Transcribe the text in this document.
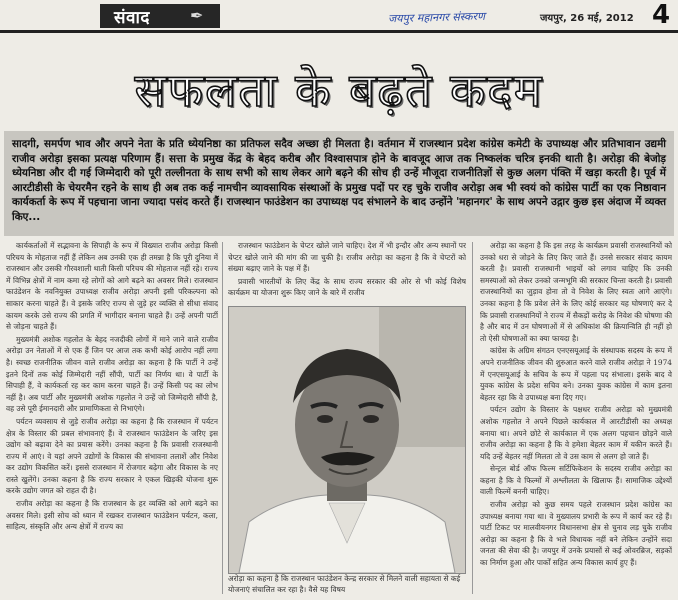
संवाद	✒	जयपुर महानगर संस्करण	जयपुर, 26 मई, 2012 4
सफलता के बढ़ते कदम
सादगी, समर्पण भाव और अपने नेता के प्रति ध्येयनिष्ठा का प्रतिफल सदैव अच्छा ही मिलता है। वर्तमान में राजस्थान प्रदेश कांग्रेस कमेटी के उपाध्यक्ष और प्रतिभावान उद्यमी राजीव अरोड़ा इसका प्रत्यक्ष परिणाम हैं। सत्ता के प्रमुख केंद्र के बेहद करीब और विश्वासपात्र होने के बावजूद आज तक निष्कलंक चरित्र इनकी थाती है। अरोड़ा की बेजोड़ ध्येयनिष्ठा और दी गई जिम्मेदारी को पूरी तल्लीनता के साथ सभी को साथ लेकर आगे बढ़ने की सोच ही उन्हें मौजूदा राजनीतिज्ञों से कुछ अलग पंक्ति में खड़ा करती है। पूर्व में आरटीडीसी के चेयरमैन रहने के साथ ही अब तक कई नामचीन व्यावसायिक संस्थाओं के प्रमुख पदों पर रह चुके राजीव अरोड़ा अब भी स्वयं को कांग्रेस पार्टी का एक निष्ठावान कार्यकर्ता के रूप में पहचाना जाना ज्यादा पसंद करते हैं। राजस्थान फाउंडेशन का उपाध्यक्ष पद संभालने के बाद उन्होंने 'महानगर' के साथ अपने उद्गार कुछ इस अंदाज में व्यक्त किए...

कार्यकर्ताओं में सद्भावना के सिपाही के रूप में विख्यात राजीव अरोड़ा किसी परिचय के मोहताज नहीं हैं लेकिन अब उनकी एक ही तमन्ना है कि पूरी दुनिया में राजस्थान और उसकी गौरवशाली थाती किसी परिचय की मोहताज नहीं रहे। राज्य में विभिन्न क्षेत्रों में नाम कमा रहे लोगों को आगे बढ़ने का अवसर मिले। राजस्थान फाउंडेशन के नवनियुक्त उपाध्यक्ष राजीव अरोड़ा अपनी इसी परिकल्पना को साकार करना चाहते हैं। वे इसके जरिए राज्य से जुड़े हर व्यक्ति से सीधा संवाद कायम करके उसे राज्य की प्रगति में भागीदार बनाना चाहते हैं। उन्हें अपनी पार्टी से जोड़ना चाहते हैं।

मुख्यमंत्री अशोक गहलोत के बेहद नजदीकी लोगों में माने जाने वाले राजीव अरोड़ा उन नेताओं में से एक हैं जिन पर आज तक कभी कोई आरोप नहीं लगा है। स्वच्छ राजनीतिक जीवन वाले राजीव अरोड़ा का कहना है कि पार्टी ने उन्हें इतने दिनों तक कोई जिम्मेदारी नहीं सौंपी, पार्टी का निर्णय था। वे पार्टी के सिपाही हैं, वे कार्यकर्ता रह कर काम करना चाहते हैं। उन्हें किसी पद का लोभ नहीं है। अब पार्टी और मुख्यमंत्री अशोक गहलोत ने उन्हें जो जिम्मेदारी सौंपी है, वह उसे पूरी ईमानदारी और प्रामाणिकता से निभाएंगे।

पर्यटन व्यवसाय से जुड़े राजीव अरोड़ा का कहना है कि राजस्थान में पर्यटन क्षेत्र के विस्तार की प्रबल संभावनाएं हैं। वे राजस्थान फाउंडेशन के जरिए इस उद्योग को बढ़ावा देने का प्रयास करेंगे। उनका कहना है कि प्रवासी राजस्थानी राज्य में आएं। वे यहां अपने उद्योगों के विकास की संभावना तलाशें और निवेश कर उद्योग विकसित करें। इससे राजस्थान में रोजगार बढ़ेगा और विकास के नए रास्ते खुलेंगे। उनका कहना है कि राज्य सरकार ने एकल खिड़की योजना शुरू करके उद्योग जगत को राहत दी है।

राजीव अरोड़ा का कहना है कि राजस्थान के हर व्यक्ति को आगे बढ़ने का अवसर मिले। इसी सोच को ध्यान में रखकर राजस्थान फाउंडेशन पर्यटन, कला, साहित्य, संस्कृति और अन्य क्षेत्रों में राज्य का

राजस्थान फाउंडेशन के चेप्टर खोले जाने चाहिए। देश में भी इन्दौर और अन्य स्थानों पर चेप्टर खोले जाने की मांग की जा चुकी है। राजीव अरोड़ा का कहना है कि वे चेप्टरों को संख्या बढ़ाए जाने के पक्ष में हैं।

प्रवासी भारतीयों के लिए केंद्र के साथ राज्य सरकार की ओर से भी कोई विशेष कार्यक्रम या योजना शुरू किए जाने के बारे में राजीव

अरोड़ा का कहना है कि राजस्थान फाउंडेशन केन्द्र सरकार से मिलने वाली सहायता से कई योजनाएं संचालित कर रहा है। वैसे यह विषय

अरोड़ा का कहना है कि इस तरह के कार्यक्रम प्रवासी राजस्थानियों को उनको धरा से जोड़ने के लिए किए जाते हैं। उनसे सरकार संवाद कायम करती है। प्रवासी राजस्थानी भाइयों को लगाव चाहिए कि उनकी समस्याओं को लेकर उनको जन्मभूमि की सरकार चिन्ता करती है। प्रवासी राजस्थानियों का जुड़ाव होना तो वे निवेश के लिए स्वतः आगे आएंगे। उनका कहना है कि प्रवेश लेने के लिए कोई सरकार यह घोषणाएं कर दे कि प्रवासी राजस्थानियों ने राज्य में सैकड़ों करोड़ के निवेश की घोषणा की है और बाद में उन घोषणाओं में से अधिकांश की क्रियान्विति ही नहीं हो तो ऐसी घोषणाओं का क्या फायदा है।

कांग्रेस के अग्रिम संगठन एनएसयूआई के संस्थापक सदस्य के रूप में अपने राजनीतिक जीवन की शुरुआत करने वाले राजीव अरोड़ा ने 1974 में एनएसयूआई के सचिव के रूप में पहला पद संभाला। इसके बाद वे युवक कांग्रेस के प्रदेश सचिव बने। उनका युवक कांग्रेस में काम इतना बेहतर रहा कि वे उपाध्यक्ष बना दिए गए।

पर्यटन उद्योग के विस्तार के पक्षधर राजीव अरोड़ा को मुख्यमंत्री अशोक गहलोत ने अपने पिछले कार्यकाल में आरटीडीसी का अध्यक्ष बनाया था। अपने छोटे से कार्यकाल में एक अलग पहचान छोड़ने वाले राजीव अरोड़ा का कहना है कि वे हमेशा बेहतर काम में यकीन करते हैं। यदि उन्हें बेहतर नहीं मिलता तो वे उस काम से अलग हो जाते हैं।

सेन्ट्रल बोर्ड ऑफ फिल्म सर्टिफिकेशन के सदस्य राजीव अरोड़ा का कहना है कि वे फिल्मों में अश्लीलता के खिलाफ हैं। सामाजिक उद्देश्यों वाली फिल्में बननी चाहिए।

राजीव अरोड़ा को कुछ समय पहले राजस्थान प्रदेश कांग्रेस का उपाध्यक्ष बनाया गया था। वे मुख्यालय प्रभारी के रूप में कार्य कर रहे हैं। पार्टी टिकट पर मालवीयनगर विधानसभा क्षेत्र से चुनाव लड़ चुके राजीव अरोड़ा का कहना है कि वे भले विधायक नहीं बने लेकिन उन्होंने सदा जनता की सेवा की है। जयपुर में उनके प्रयासों से कई ओवरब्रिज, सड़कों का निर्माण हुआ और पार्कों सहित अन्य विकास कार्य हुए हैं।
